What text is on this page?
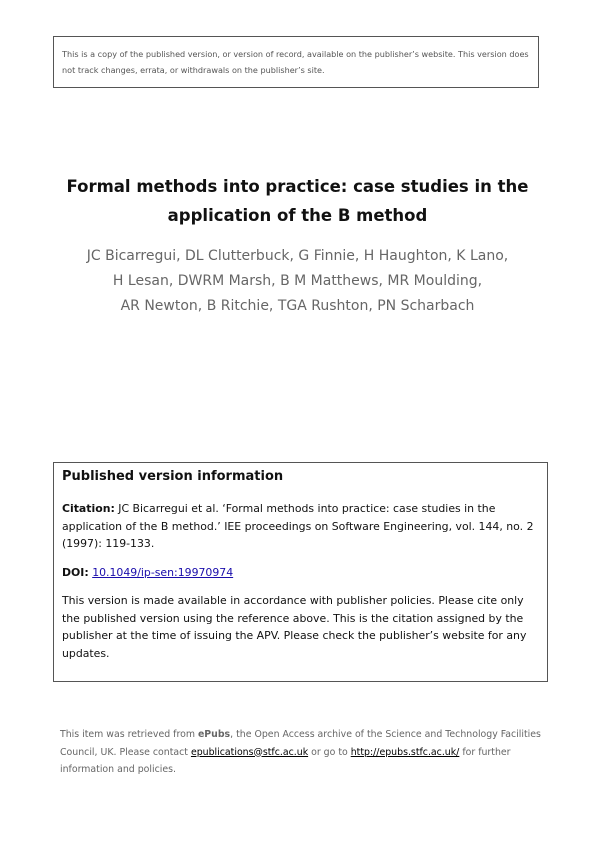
This is a copy of the published version, or version of record, available on the publisher’s website. This version does not track changes, errata, or withdrawals on the publisher’s site.
Formal methods into practice: case studies in the
application of the B method
JC Bicarregui, DL Clutterbuck, G Finnie, H Haughton, K Lano,
H Lesan, DWRM Marsh, B M Matthews, MR Moulding,
AR Newton, B Ritchie, TGA Rushton, PN Scharbach
Published version information

Citation: JC Bicarregui et al. ‘Formal methods into practice: case studies in the application of the B method.’ IEE proceedings on Software Engineering, vol. 144, no. 2 (1997): 119-133.

DOI: 10.1049/ip-sen:19970974

This version is made available in accordance with publisher policies. Please cite only the published version using the reference above. This is the citation assigned by the publisher at the time of issuing the APV. Please check the publisher’s website for any updates.

This item was retrieved from ePubs, the Open Access archive of the Science and Technology Facilities Council, UK. Please contact epublications@stfc.ac.uk or go to http://epubs.stfc.ac.uk/ for further information and policies.
